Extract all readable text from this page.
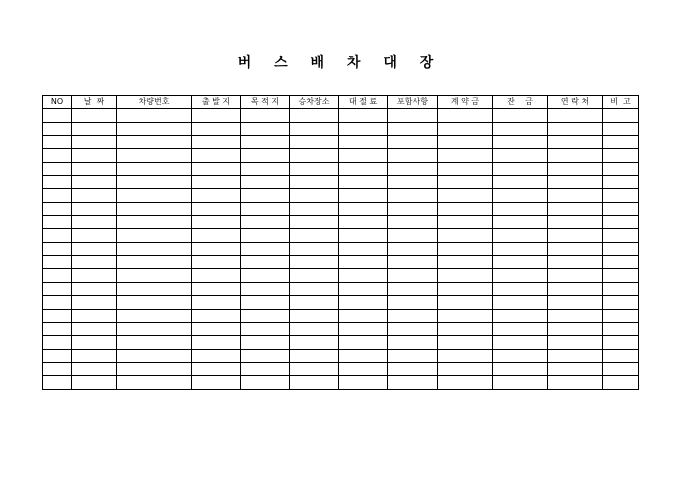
버 스 배 차 대 장
NO	날  짜	차량번호	출 발 지	목 적 지	승차장소	대 절 료	포함사항	계 약 금	잔    금	연 락 처	비  고
